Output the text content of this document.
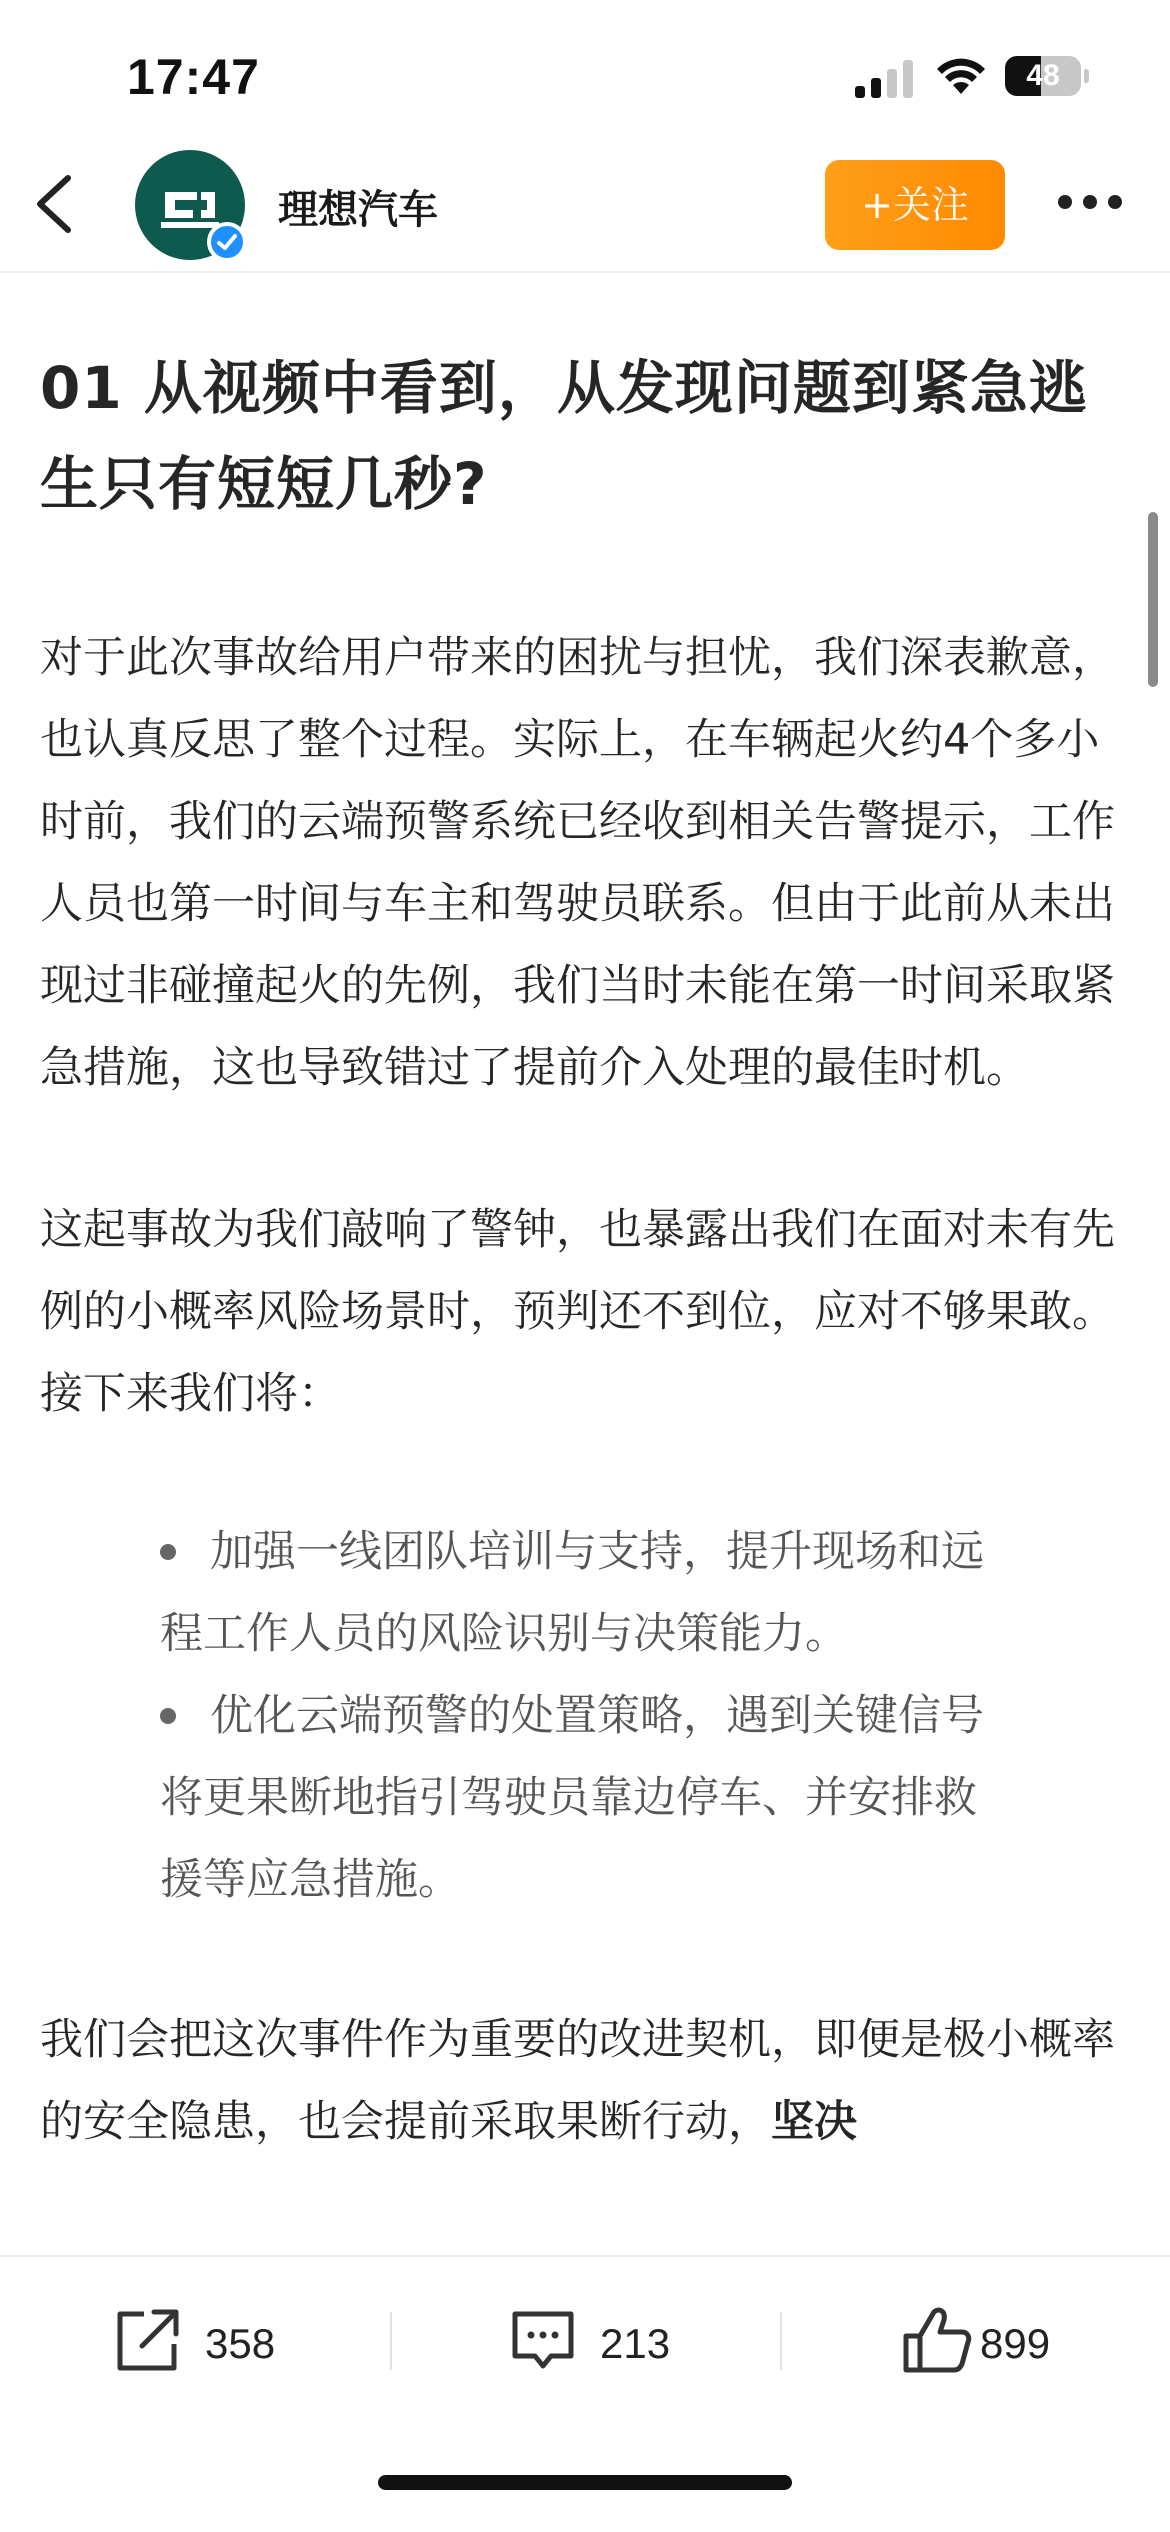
17:47	48
理想汽车	+关注
01 从视频中看到，从发现问题到紧急逃生只有短短几秒?

对于此次事故给用户带来的困扰与担忧，我们深表歉意，也认真反思了整个过程。实际上，在车辆起火约4个多小时前，我们的云端预警系统已经收到相关告警提示，工作人员也第一时间与车主和驾驶员联系。但由于此前从未出现过非碰撞起火的先例，我们当时未能在第一时间采取紧急措施，这也导致错过了提前介入处理的最佳时机。

这起事故为我们敲响了警钟，也暴露出我们在面对未有先例的小概率风险场景时，预判还不到位，应对不够果敢。接下来我们将：

加强一线团队培训与支持，提升现场和远程工作人员的风险识别与决策能力。
优化云端预警的处置策略，遇到关键信号将更果断地指引驾驶员靠边停车、并安排救援等应急措施。

我们会把这次事件作为重要的改进契机，即便是极小概率的安全隐患，也会提前采取果断行动，坚决

358	213	899
